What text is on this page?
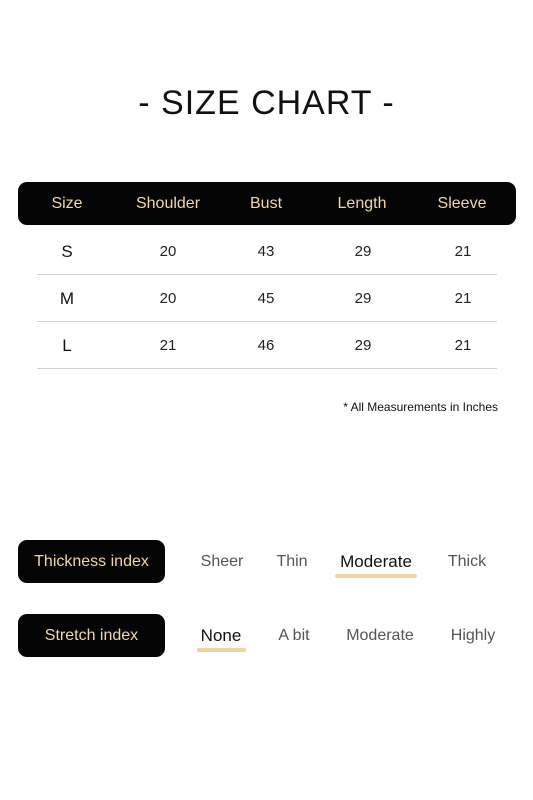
- SIZE CHART -
Size	Shoulder	Bust	Length	Sleeve
S	20	43	29	21
M	20	45	29	21
L	21	46	29	21
* All Measurements in Inches
Thickness index	Sheer Thin Moderate Thick
Stretch index	None A bit Moderate Highly
